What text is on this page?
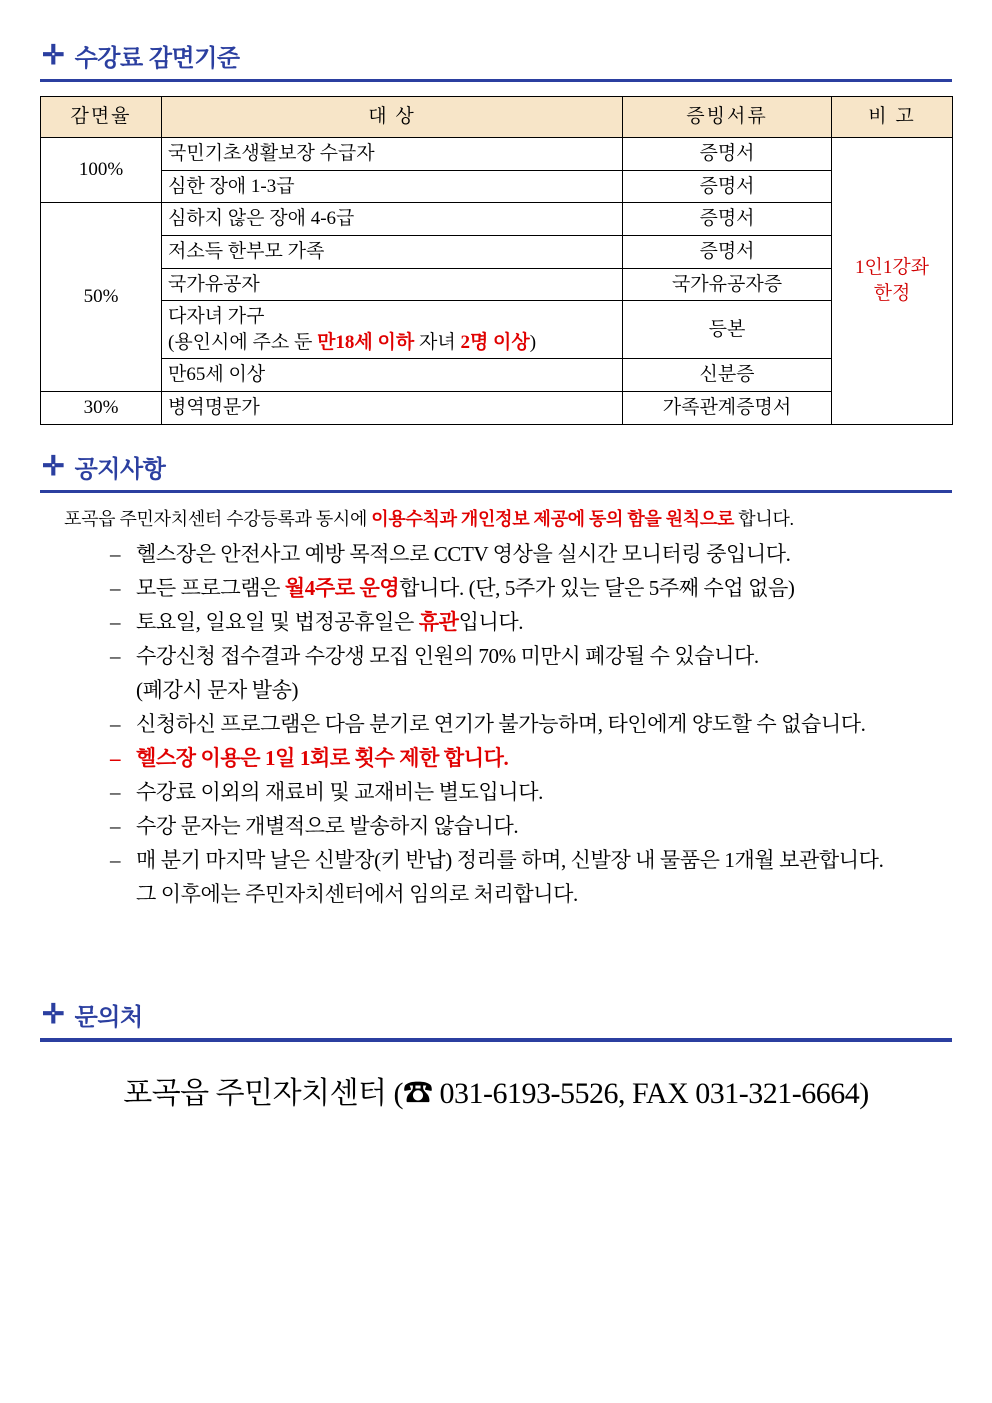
✛ 수강료 감면기준
감면율	대 상	증빙서류	비 고
100%	국민기초생활보장 수급자	증명서	1인1강좌
한정
	심한 장애 1-3급	증명서	
50%	심하지 않은 장애 4-6급	증명서	
	저소득 한부모 가족	증명서	
	국가유공자	국가유공자증	
	다자녀 가구
(용인시에 주소 둔 만18세 이하 자녀 2명 이상)	등본	
	만65세 이상	신분증	
30%	병역명문가	가족관계증명서	
✛ 공지사항

포곡읍 주민자치센터 수강등록과 동시에 이용수칙과 개인정보 제공에 동의 함을 원칙으로 합니다.

– 헬스장은 안전사고 예방 목적으로 CCTV 영상을 실시간 모니터링 중입니다.
– 모든 프로그램은 월4주로 운영합니다. (단, 5주가 있는 달은 5주째 수업 없음)
– 토요일, 일요일 및 법정공휴일은 휴관입니다.
– 수강신청 접수결과 수강생 모집 인원의 70% 미만시 폐강될 수 있습니다.
(폐강시 문자 발송)
– 신청하신 프로그램은 다음 분기로 연기가 불가능하며, 타인에게 양도할 수 없습니다.
– 헬스장 이용은 1일 1회로 횟수 제한 합니다.
– 수강료 이외의 재료비 및 교재비는 별도입니다.
– 수강 문자는 개별적으로 발송하지 않습니다.
– 매 분기 마지막 날은 신발장(키 반납) 정리를 하며, 신발장 내 물품은 1개월 보관합니다.
그 이후에는 주민자치센터에서 임의로 처리합니다.
✛ 문의처
포곡읍 주민자치센터 (☎ 031-6193-5526, FAX 031-321-6664)
